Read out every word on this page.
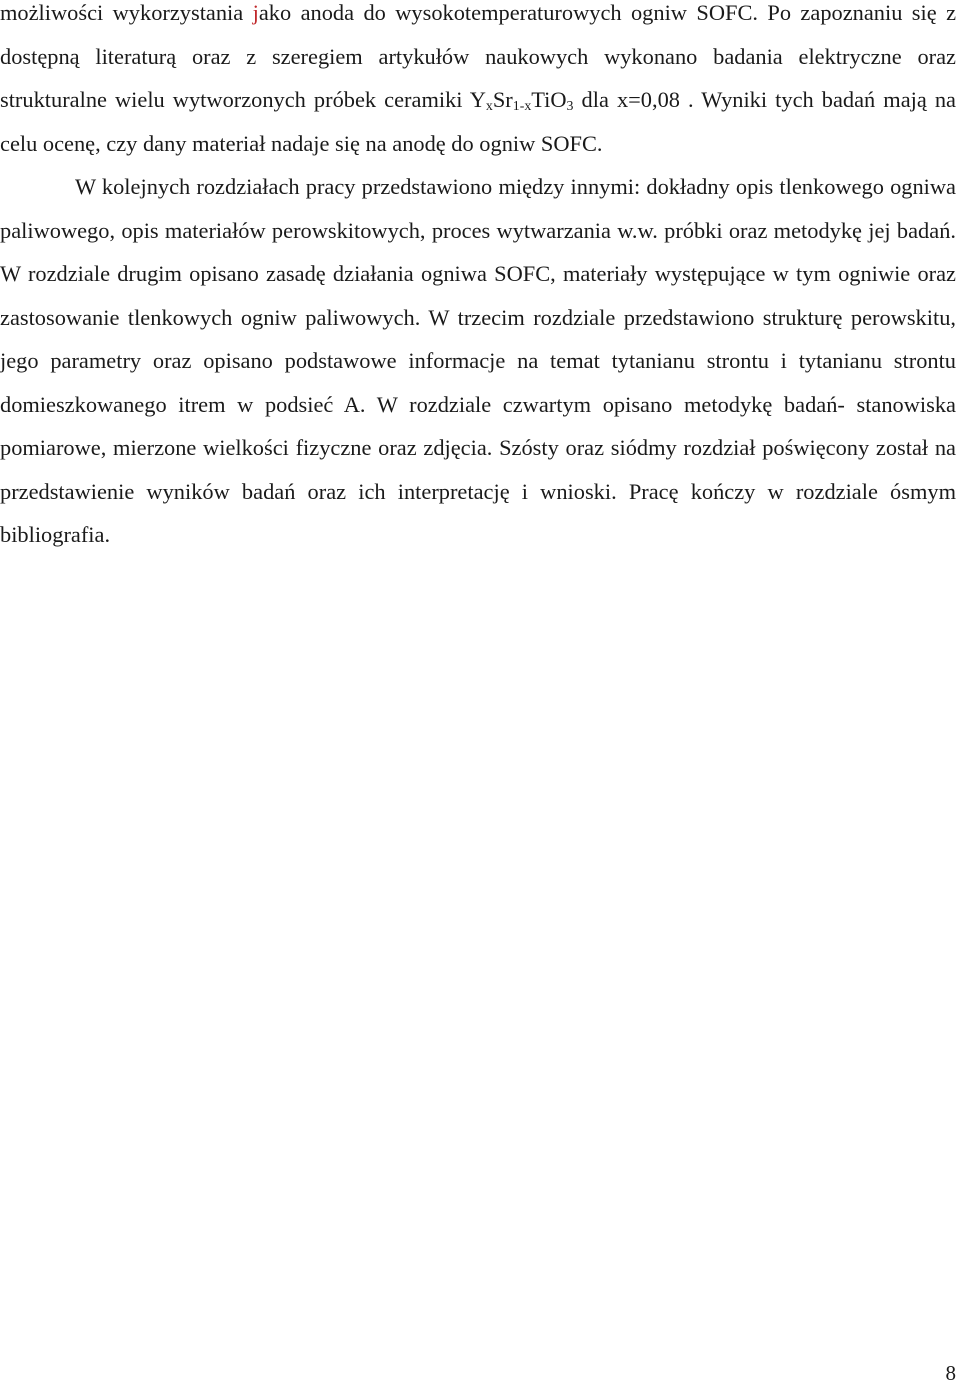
możliwości wykorzystania jako anoda do wysokotemperaturowych ogniw SOFC. Po zapoznaniu się z dostępną literaturą oraz z szeregiem artykułów naukowych wykonano badania elektryczne oraz strukturalne wielu wytworzonych próbek ceramiki $Y_xSr_{1-x}TiO_3$ dla x=0,08 . Wyniki tych badań mają na celu ocenę, czy dany materiał nadaje się na anodę do ogniw SOFC.

W kolejnych rozdziałach pracy przedstawiono między innymi: dokładny opis tlenkowego ogniwa paliwowego, opis materiałów perowskitowych, proces wytwarzania w.w. próbki oraz metodykę jej badań. W rozdziale drugim opisano zasadę działania ogniwa SOFC, materiały występujące w tym ogniwie oraz zastosowanie tlenkowych ogniw paliwowych. W trzecim rozdziale przedstawiono strukturę perowskitu, jego parametry oraz opisano podstawowe informacje na temat tytanianu strontu i tytanianu strontu domieszkowanego itrem w podsieć A. W rozdziale czwartym opisano metodykę badań- stanowiska pomiarowe, mierzone wielkości fizyczne oraz zdjęcia. Szósty oraz siódmy rozdział poświęcony został na przedstawienie wyników badań oraz ich interpretację i wnioski. Pracę kończy w rozdziale ósmym bibliografia.

8
